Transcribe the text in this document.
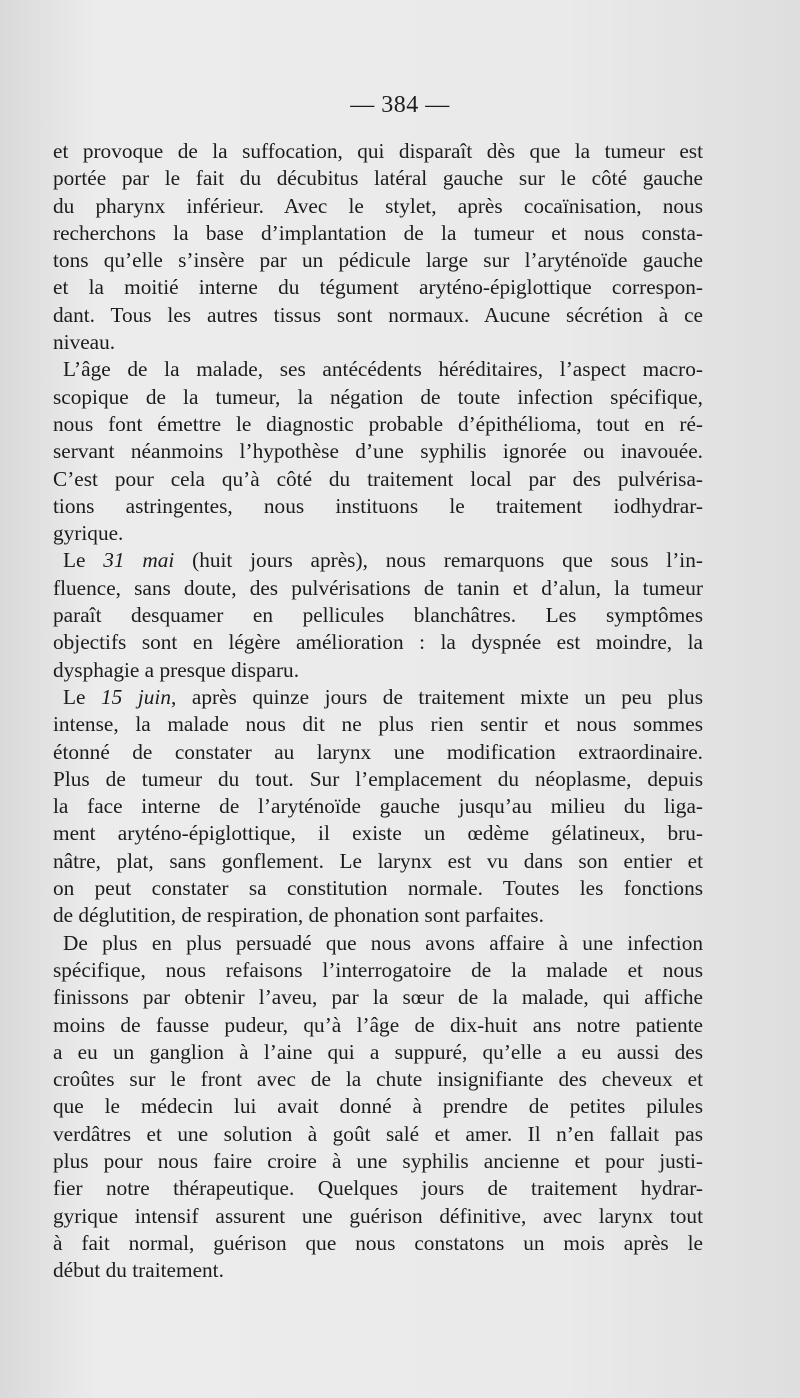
— 384 —
et provoque de la suffocation, qui disparaît dès que la tumeur est
portée par le fait du décubitus latéral gauche sur le côté gauche
du pharynx inférieur. Avec le stylet, après cocaïnisation, nous
recherchons la base d’implantation de la tumeur et nous consta-
tons qu’elle s’insère par un pédicule large sur l’aryténoïde gauche
et la moitié interne du tégument aryténo-épiglottique correspon-
dant. Tous les autres tissus sont normaux. Aucune sécrétion à ce
niveau.
L’âge de la malade, ses antécédents héréditaires, l’aspect macro-
scopique de la tumeur, la négation de toute infection spécifique,
nous font émettre le diagnostic probable d’épithélioma, tout en ré-
servant néanmoins l’hypothèse d’une syphilis ignorée ou inavouée.
C’est pour cela qu’à côté du traitement local par des pulvérisa-
tions astringentes, nous instituons le traitement iodhydrar-
gyrique.
Le 31 mai (huit jours après), nous remarquons que sous l’in-
fluence, sans doute, des pulvérisations de tanin et d’alun, la tumeur
paraît desquamer en pellicules blanchâtres. Les symptômes
objectifs sont en légère amélioration : la dyspnée est moindre, la
dysphagie a presque disparu.
Le 15 juin, après quinze jours de traitement mixte un peu plus
intense, la malade nous dit ne plus rien sentir et nous sommes
étonné de constater au larynx une modification extraordinaire.
Plus de tumeur du tout. Sur l’emplacement du néoplasme, depuis
la face interne de l’aryténoïde gauche jusqu’au milieu du liga-
ment aryténo-épiglottique, il existe un œdème gélatineux, bru-
nâtre, plat, sans gonflement. Le larynx est vu dans son entier et
on peut constater sa constitution normale. Toutes les fonctions
de déglutition, de respiration, de phonation sont parfaites.
De plus en plus persuadé que nous avons affaire à une infection
spécifique, nous refaisons l’interrogatoire de la malade et nous
finissons par obtenir l’aveu, par la sœur de la malade, qui affiche
moins de fausse pudeur, qu’à l’âge de dix-huit ans notre patiente
a eu un ganglion à l’aine qui a suppuré, qu’elle a eu aussi des
croûtes sur le front avec de la chute insignifiante des cheveux et
que le médecin lui avait donné à prendre de petites pilules
verdâtres et une solution à goût salé et amer. Il n’en fallait pas
plus pour nous faire croire à une syphilis ancienne et pour justi-
fier notre thérapeutique. Quelques jours de traitement hydrar-
gyrique intensif assurent une guérison définitive, avec larynx tout
à fait normal, guérison que nous constatons un mois après le
début du traitement.
